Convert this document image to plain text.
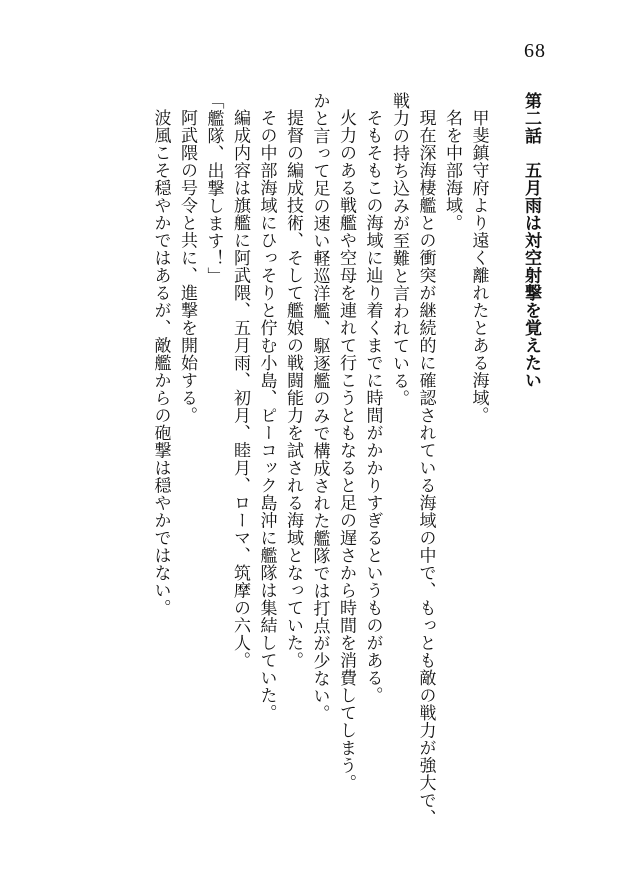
68
第二話五月雨は対空射撃を覚えたい

甲斐鎮守府より遠く離れたとある海域。

名を中部海域。

現在深海棲艦との衝突が継続的に確認されている海域の中で、もっとも敵の戦力が強大で、戦力の持ち込みが至難と言われている。

そもそもこの海域に辿り着くまでに時間がかかりすぎるというものがある。

火力のある戦艦や空母を連れて行こうともなると足の遅さから時間を消費してしまう。

かと言って足の速い軽巡洋艦、駆逐艦のみで構成された艦隊では打点が少ない。

提督の編成技術、そして艦娘の戦闘能力を試される海域となっていた。

その中部海域にひっそりと佇む小島、ピーコック島沖に艦隊は集結していた。

編成内容は旗艦に阿武隈、五月雨、初月、睦月、ローマ、筑摩の六人。

「艦隊、出撃します！」

阿武隈の号令と共に、進撃を開始する。

波風こそ穏やかではあるが、敵艦からの砲撃は穏やかではない。
